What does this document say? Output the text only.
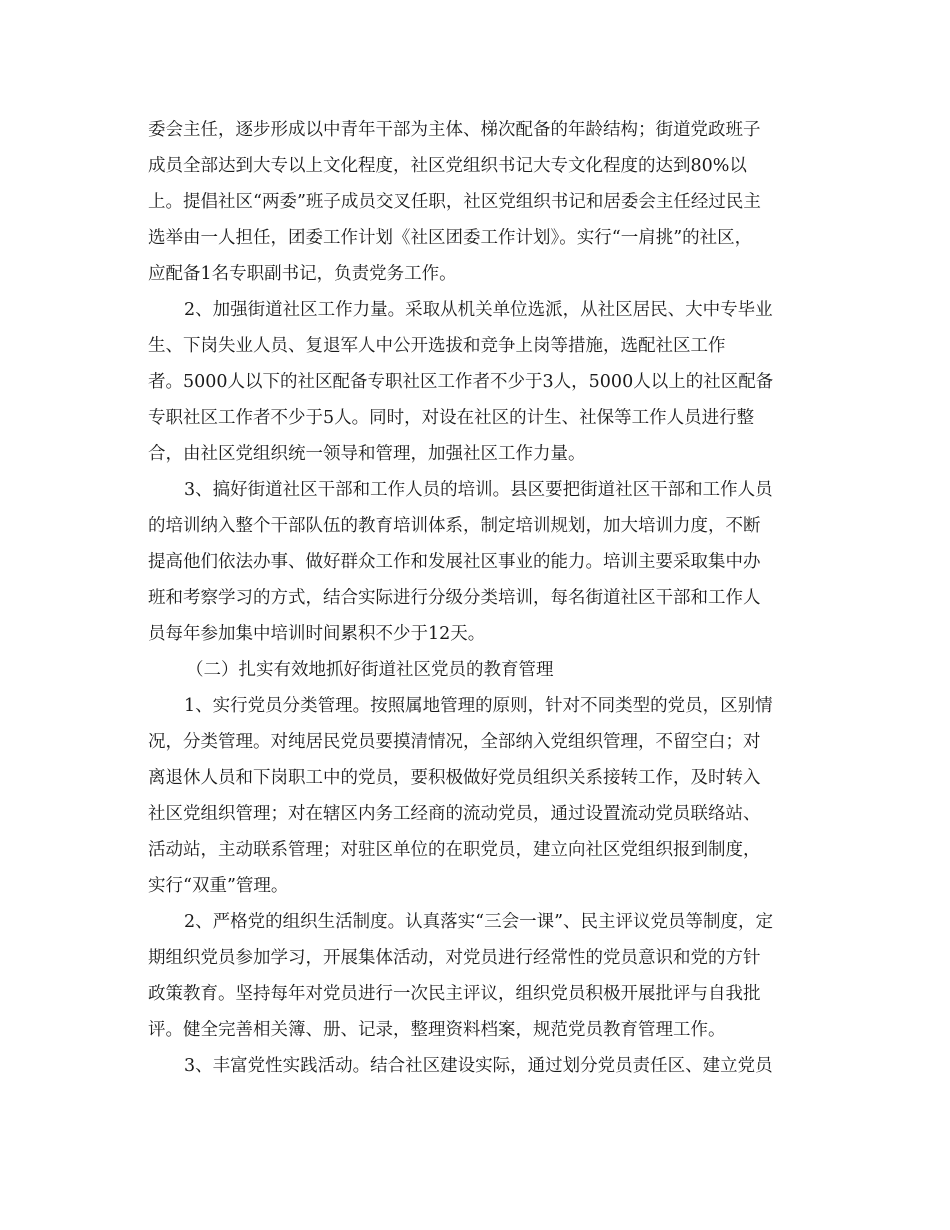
委会主任，逐步形成以中青年干部为主体、梯次配备的年龄结构；街道党政班子
成员全部达到大专以上文化程度，社区党组织书记大专文化程度的达到80%以
上。提倡社区“两委”班子成员交叉任职，社区党组织书记和居委会主任经过民主
选举由一人担任，团委工作计划《社区团委工作计划》。实行“一肩挑”的社区，
应配备1名专职副书记，负责党务工作。
2、加强街道社区工作力量。采取从机关单位选派，从社区居民、大中专毕业
生、下岗失业人员、复退军人中公开选拔和竞争上岗等措施，选配社区工作
者。5000人以下的社区配备专职社区工作者不少于3人，5000人以上的社区配备
专职社区工作者不少于5人。同时，对设在社区的计生、社保等工作人员进行整
合，由社区党组织统一领导和管理，加强社区工作力量。
3、搞好街道社区干部和工作人员的培训。县区要把街道社区干部和工作人员
的培训纳入整个干部队伍的教育培训体系，制定培训规划，加大培训力度，不断
提高他们依法办事、做好群众工作和发展社区事业的能力。培训主要采取集中办
班和考察学习的方式，结合实际进行分级分类培训，每名街道社区干部和工作人
员每年参加集中培训时间累积不少于12天。
（二）扎实有效地抓好街道社区党员的教育管理
1、实行党员分类管理。按照属地管理的原则，针对不同类型的党员，区别情
况，分类管理。对纯居民党员要摸清情况，全部纳入党组织管理，不留空白；对
离退休人员和下岗职工中的党员，要积极做好党员组织关系接转工作，及时转入
社区党组织管理；对在辖区内务工经商的流动党员，通过设置流动党员联络站、
活动站，主动联系管理；对驻区单位的在职党员，建立向社区党组织报到制度，
实行“双重”管理。
2、严格党的组织生活制度。认真落实“三会一课”、民主评议党员等制度，定
期组织党员参加学习，开展集体活动，对党员进行经常性的党员意识和党的方针
政策教育。坚持每年对党员进行一次民主评议，组织党员积极开展批评与自我批
评。健全完善相关簿、册、记录，整理资料档案，规范党员教育管理工作。
3、丰富党性实践活动。结合社区建设实际，通过划分党员责任区、建立党员
